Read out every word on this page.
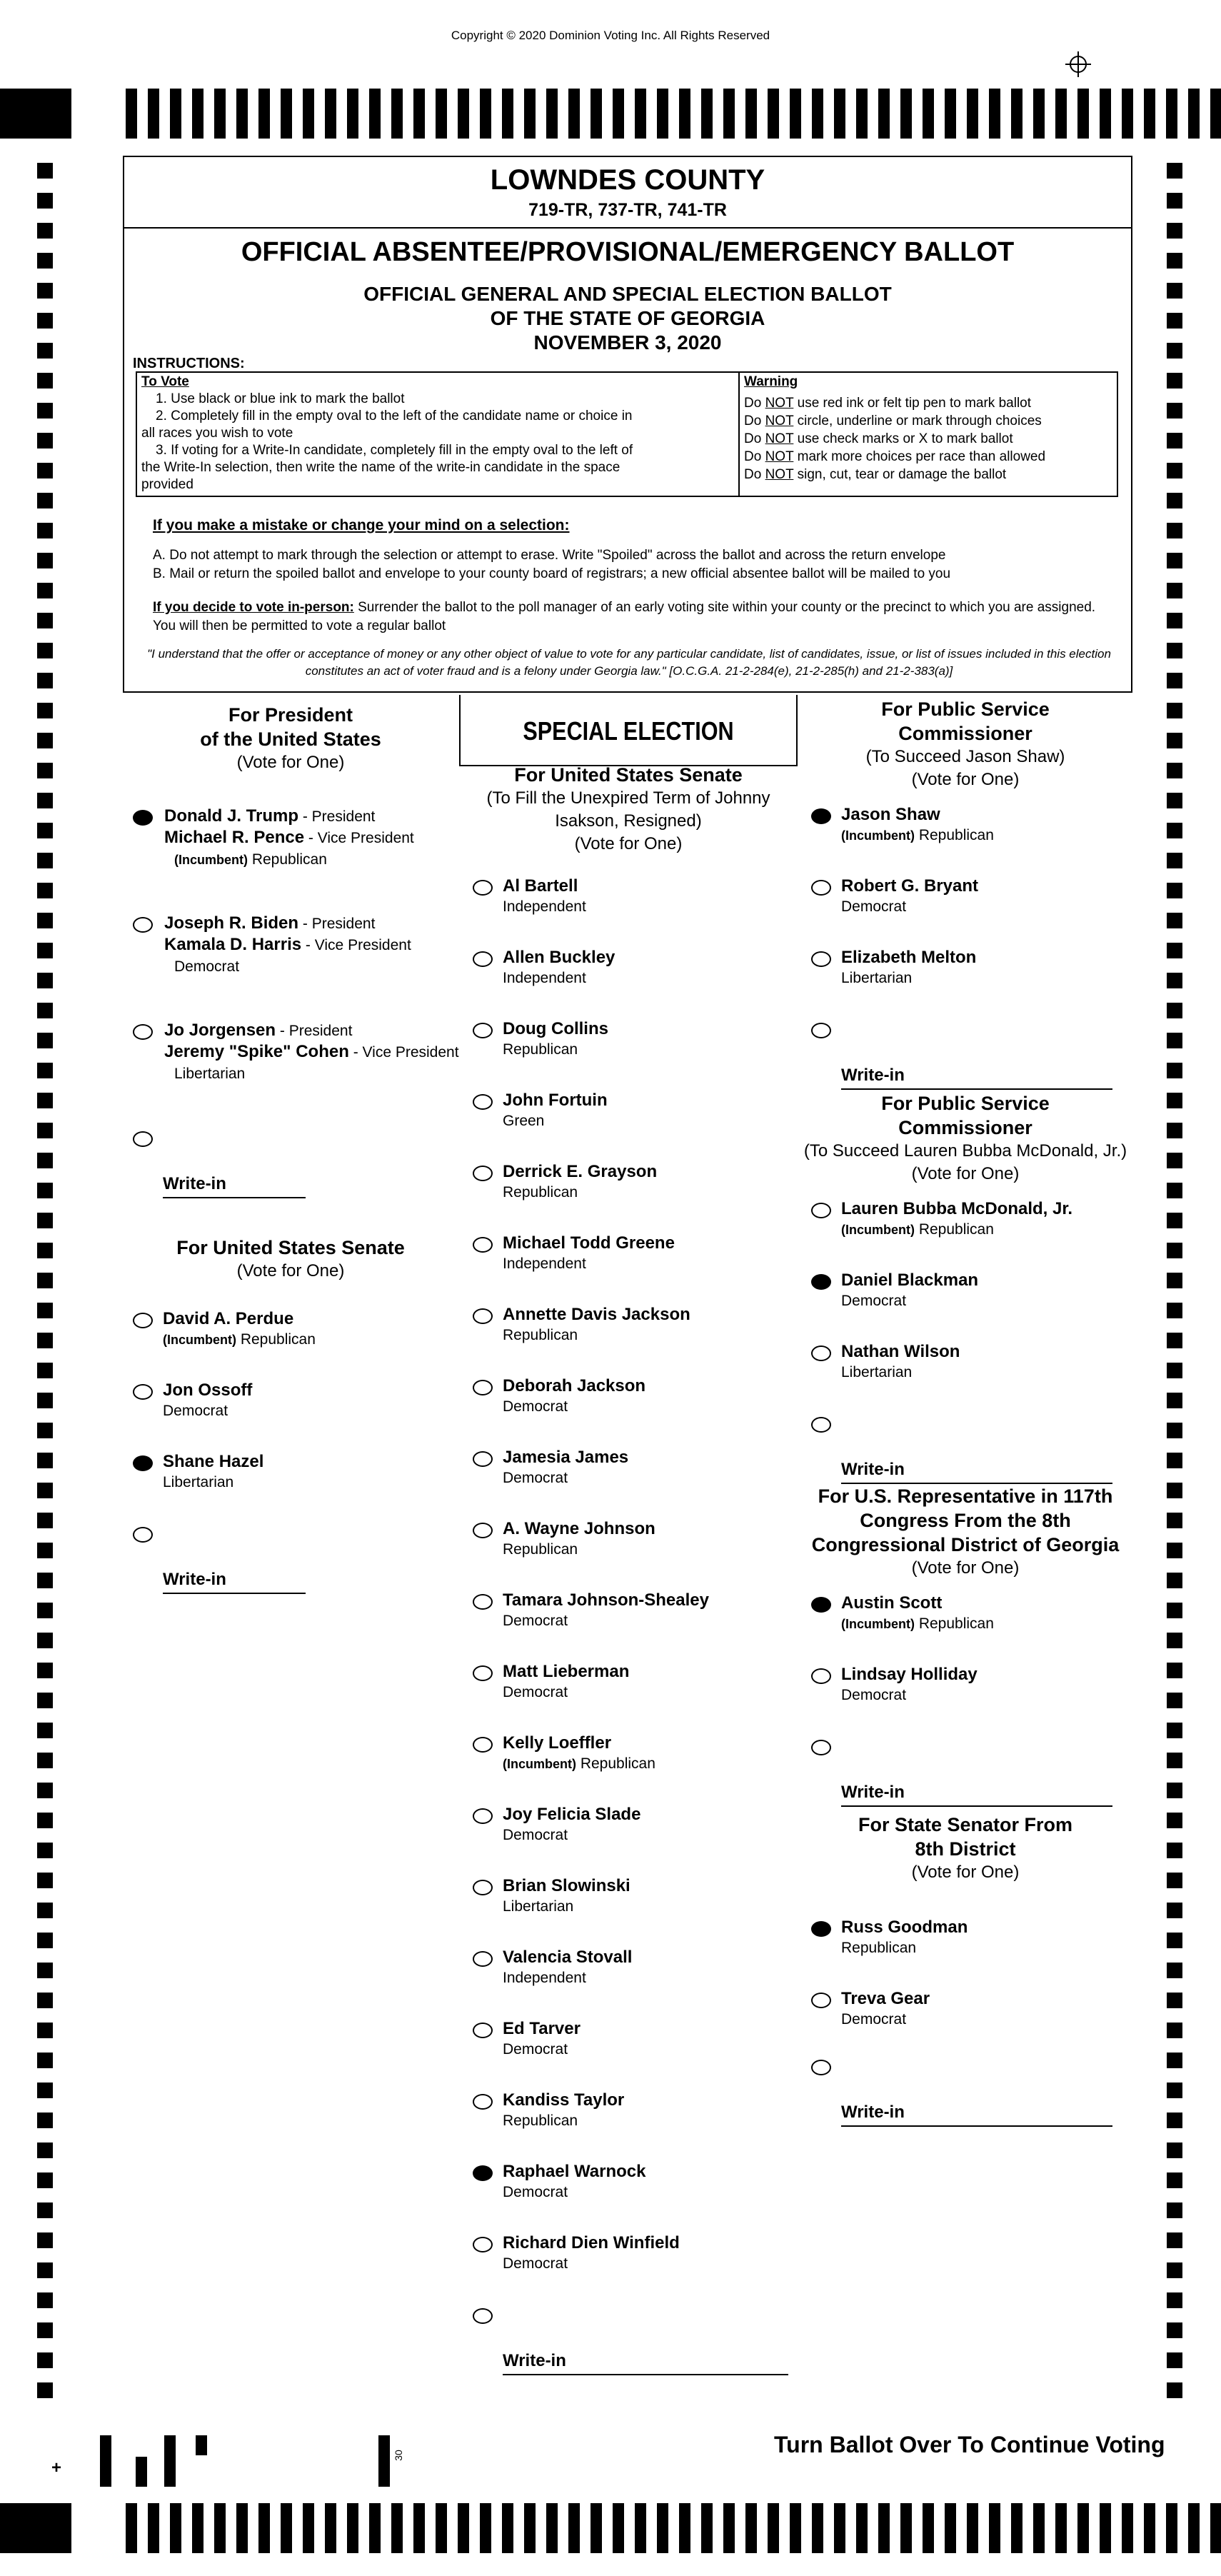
Copyright © 2020 Dominion Voting Inc. All Rights Reserved
LOWNDES COUNTY
719-TR, 737-TR, 741-TR
OFFICIAL ABSENTEE/PROVISIONAL/EMERGENCY BALLOT
OFFICIAL GENERAL AND SPECIAL ELECTION BALLOT
OF THE STATE OF GEORGIA
NOVEMBER 3, 2020
INSTRUCTIONS:
To Vote
1. Use black or blue ink to mark the ballot
2. Completely fill in the empty oval to the left of the candidate name or choice in
all races you wish to vote
3. If voting for a Write-In candidate, completely fill in the empty oval to the left of
the Write-In selection, then write the name of the write-in candidate in the space
provided
Warning
Do NOT use red ink or felt tip pen to mark ballot
Do NOT circle, underline or mark through choices
Do NOT use check marks or X to mark ballot
Do NOT mark more choices per race than allowed
Do NOT sign, cut, tear or damage the ballot
If you make a mistake or change your mind on a selection:
A. Do not attempt to mark through the selection or attempt to erase. Write "Spoiled" across the ballot and across the return envelope
B. Mail or return the spoiled ballot and envelope to your county board of registrars; a new official absentee ballot will be mailed to you
If you decide to vote in-person: Surrender the ballot to the poll manager of an early voting site within your county or the precinct to which you are assigned. You will then be permitted to vote a regular ballot
"I understand that the offer or acceptance of money or any other object of value to vote for any particular candidate, list of candidates, issue, or list of issues included in this election constitutes an act of voter fraud and is a felony under Georgia law." [O.C.G.A. 21-2-284(e), 21-2-285(h) and 21-2-383(a)]
SPECIAL ELECTION
For President
of the United States
(Vote for One)
Donald J. Trump - President
Michael R. Pence - Vice President
(Incumbent) Republican
Joseph R. Biden - President
Kamala D. Harris - Vice President
Democrat
Jo Jorgensen - President
Jeremy "Spike" Cohen - Vice President
Libertarian
Write-in
For United States Senate
(Vote for One)
David A. Perdue
(Incumbent) Republican
Jon Ossoff
Democrat
Shane Hazel
Libertarian
Write-in
For United States Senate
(To Fill the Unexpired Term of Johnny
Isakson, Resigned)
(Vote for One)
Al Bartell
Independent
Allen Buckley
Independent
Doug Collins
Republican
John Fortuin
Green
Derrick E. Grayson
Republican
Michael Todd Greene
Independent
Annette Davis Jackson
Republican
Deborah Jackson
Democrat
Jamesia James
Democrat
A. Wayne Johnson
Republican
Tamara Johnson-Shealey
Democrat
Matt Lieberman
Democrat
Kelly Loeffler
(Incumbent) Republican
Joy Felicia Slade
Democrat
Brian Slowinski
Libertarian
Valencia Stovall
Independent
Ed Tarver
Democrat
Kandiss Taylor
Republican
Raphael Warnock
Democrat
Richard Dien Winfield
Democrat
Write-in
For Public Service
Commissioner
(To Succeed Jason Shaw)
(Vote for One)
Jason Shaw
(Incumbent) Republican
Robert G. Bryant
Democrat
Elizabeth Melton
Libertarian
Write-in
For Public Service
Commissioner
(To Succeed Lauren Bubba McDonald, Jr.)
(Vote for One)
Lauren Bubba McDonald, Jr.
(Incumbent) Republican
Daniel Blackman
Democrat
Nathan Wilson
Libertarian
Write-in
For U.S. Representative in 117th
Congress From the 8th
Congressional District of Georgia
(Vote for One)
Austin Scott
(Incumbent) Republican
Lindsay Holliday
Democrat
Write-in
For State Senator From
8th District
(Vote for One)
Russ Goodman
Republican
Treva Gear
Democrat
Write-in
Turn Ballot Over To Continue Voting
+
30
